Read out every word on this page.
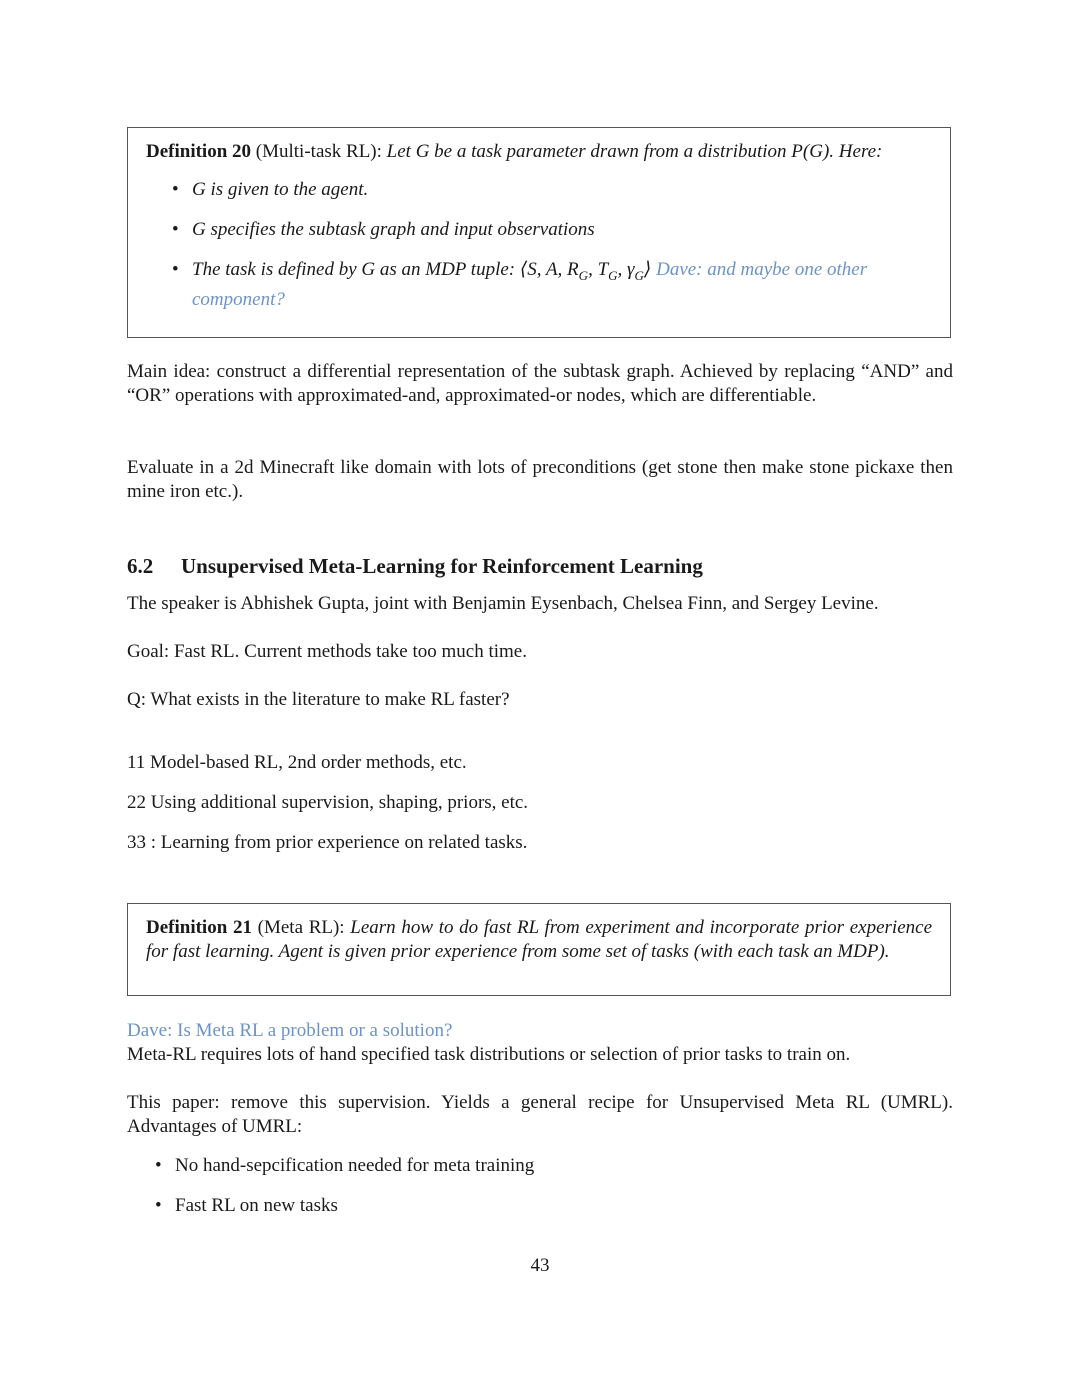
Definition 20 (Multi-task RL): Let G be a task parameter drawn from a distribution P(G). Here:

• G is given to the agent.
• G specifies the subtask graph and input observations
• The task is defined by G as an MDP tuple: ⟨S, A, $R_G$, $T_G$, $\gamma_G⟩$ Dave: and maybe one other component?

Main idea: construct a differential representation of the subtask graph. Achieved by replacing “AND” and “OR” operations with approximated-and, approximated-or nodes, which are differentiable.

Evaluate in a 2d Minecraft like domain with lots of preconditions (get stone then make stone pickaxe then mine iron etc.).

6.2 Unsupervised Meta-Learning for Reinforcement Learning

The speaker is Abhishek Gupta, joint with Benjamin Eysenbach, Chelsea Finn, and Sergey Levine.

Goal: Fast RL. Current methods take too much time.

Q: What exists in the literature to make RL faster?

11 Model-based RL, 2nd order methods, etc.

22 Using additional supervision, shaping, priors, etc.

33 : Learning from prior experience on related tasks.

Definition 21 (Meta RL): Learn how to do fast RL from experiment and incorporate prior experience for fast learning. Agent is given prior experience from some set of tasks (with each task an MDP).

Dave: Is Meta RL a problem or a solution?

Meta-RL requires lots of hand specified task distributions or selection of prior tasks to train on.

This paper: remove this supervision. Yields a general recipe for Unsupervised Meta RL (UMRL). Advantages of UMRL:

• No hand-sepcification needed for meta training
• Fast RL on new tasks

43
